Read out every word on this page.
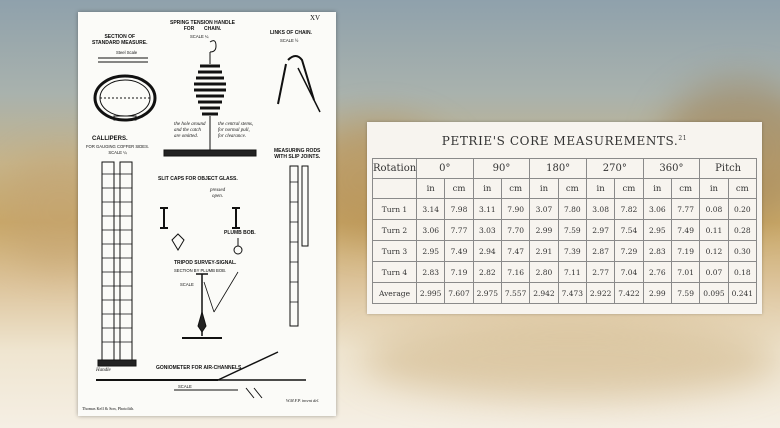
XV
SECTION OF
STANDARD MEASURE.
Steel Scale
SPRING TENSION HANDLE
FOR       CHAIN.
SCALE ¼
LINKS OF CHAIN.
SCALE ½
the hole around
and the catch
are omitted.
the central stems,
for normal pull,
for clearance.
CALLIPERS.
FOR GAUGING COFFER SIDES.
SCALE ¼	MEASURING RODS
WITH SLIP JOINTS.
SLIT CAPS FOR OBJECT GLASS.
pressed
open.
PLUMB BOB.
TRIPOD SURVEY-SIGNAL.
SECTION BY PLUMB BOB.
SCALE
Handle	GONIOMETER FOR AIR-CHANNELS.
SCALE
Thomas Kell & Son, Photolith.
W.M.F.P. invent del.
PETRIE'S CORE MEASUREMENTS.$^{21}$
Rotation	0°		90°		180°		270°		360°		Pitch	
	in	cm	in	cm	in	cm	in	cm	in	cm	in	cm
Turn 1	3.14	7.98	3.11	7.90	3.07	7.80	3.08	7.82	3.06	7.77	0.08	0.20
Turn 2	3.06	7.77	3.03	7.70	2.99	7.59	2.97	7.54	2.95	7.49	0.11	0.28
Turn 3	2.95	7.49	2.94	7.47	2.91	7.39	2.87	7.29	2.83	7.19	0.12	0.30
Turn 4	2.83	7.19	2.82	7.16	2.80	7.11	2.77	7.04	2.76	7.01	0.07	0.18
Average	2.995	7.607	2.975	7.557	2.942	7.473	2.922	7.422	2.99	7.59	0.095	0.241
